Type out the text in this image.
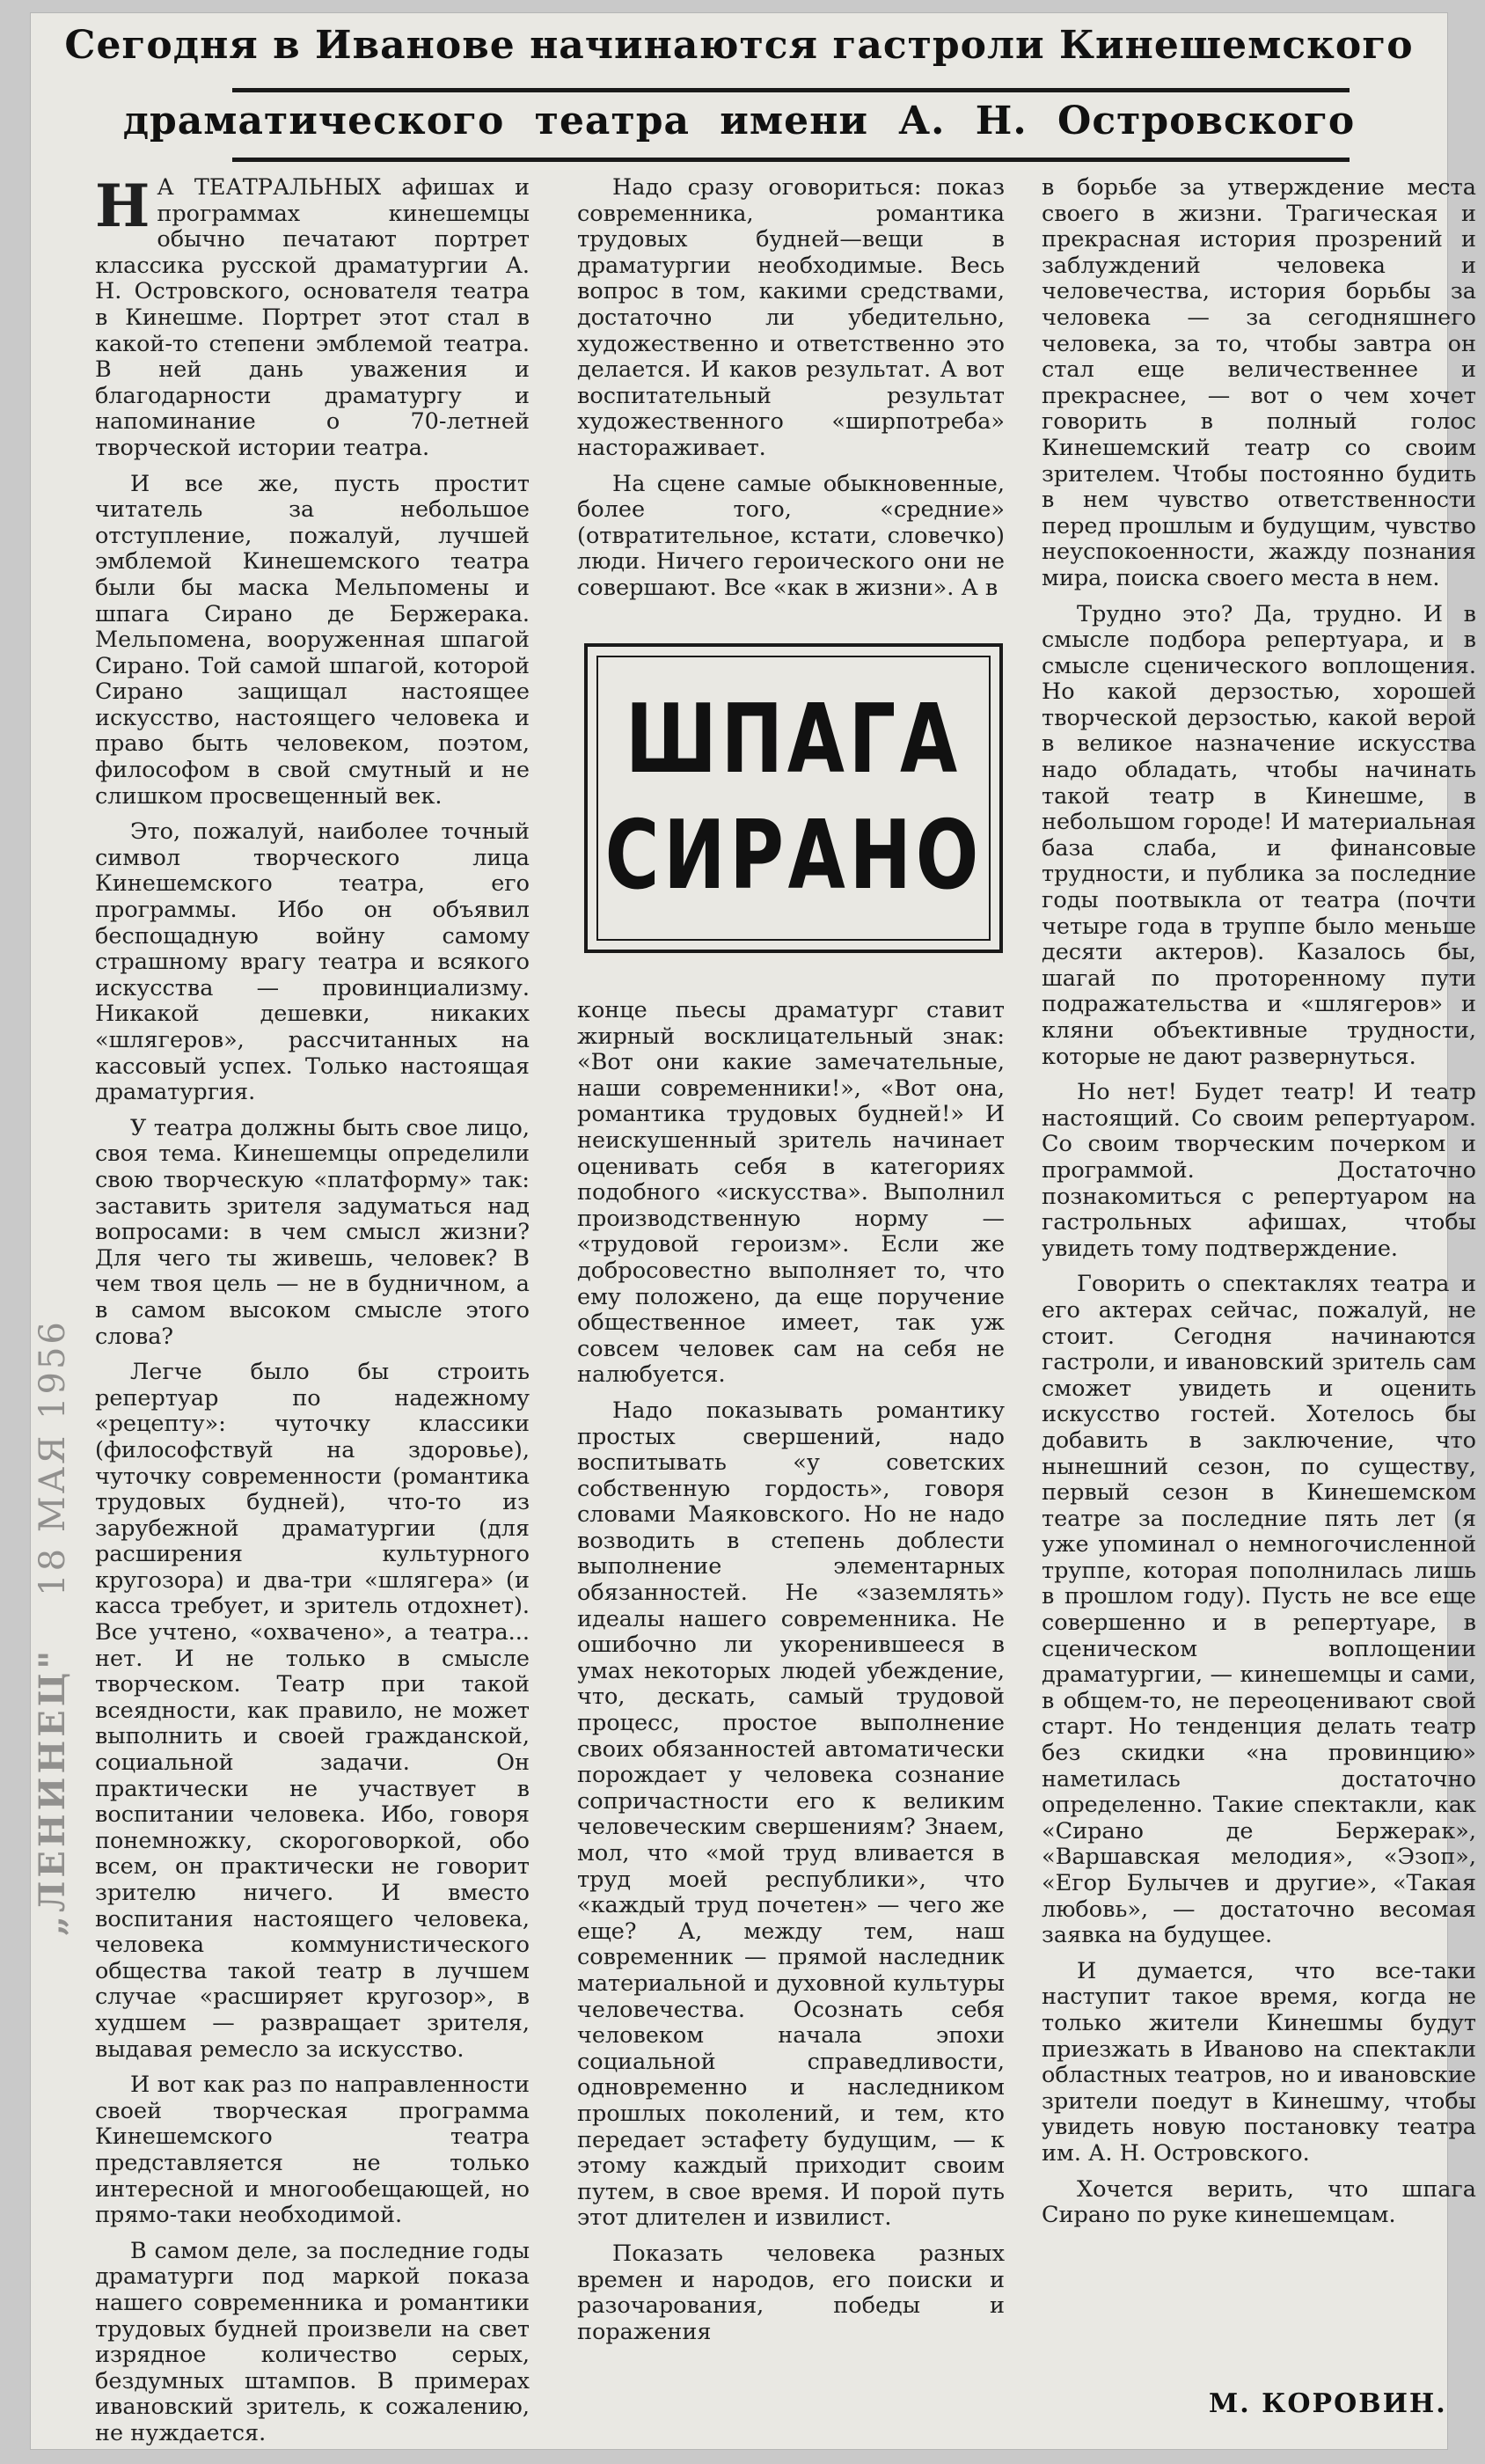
Сегодня в Иванове начинаются гастроли Кинешемского
драматического театра имени А. Н. Островского

Н А ТЕАТРАЛЬНЫХ афишах и программах кинешемцы обычно печатают портрет классика русской драматургии А. Н. Островского, основателя театра в Кинешме. Портрет этот стал в какой-то степени эмблемой театра. В ней дань уважения и благодарности драматургу и напоминание о 70-летней творческой истории театра.

И все же, пусть простит читатель за небольшое отступление, пожалуй, лучшей эмблемой Кинешемского театра были бы маска Мельпомены и шпага Сирано де Бержерака. Мельпомена, вооруженная шпагой Сирано. Той самой шпагой, которой Сирано защищал настоящее искусство, настоящего человека и право быть человеком, поэтом, философом в свой смутный и не слишком просвещенный век.

Это, пожалуй, наиболее точный символ творческого лица Кинешемского театра, его программы. Ибо он объявил беспощадную войну самому страшному врагу театра и всякого искусства — провинциализму. Никакой дешевки, никаких «шлягеров», рассчитанных на кассовый успех. Только настоящая драматургия.

У театра должны быть свое лицо, своя тема. Кинешемцы определили свою творческую «платформу» так: заставить зрителя задуматься над вопросами: в чем смысл жизни? Для чего ты живешь, человек? В чем твоя цель — не в будничном, а в самом высоком смысле этого слова?

Легче было бы строить репертуар по надежному «рецепту»: чуточку классики (философствуй на здоровье), чуточку современности (романтика трудовых будней), что-то из зарубежной драматургии (для расширения культурного кругозора) и два-три «шлягера» (и касса требует, и зритель отдохнет). Все учтено, «охвачено», а театра... нет. И не только в смысле творческом. Театр при такой всеядности, как правило, не может выполнить и своей гражданской, социальной задачи. Он практически не участвует в воспитании человека. Ибо, говоря понемножку, скороговоркой, обо всем, он практически не говорит зрителю ничего. И вместо воспитания настоящего человека, человека коммунистического общества такой театр в лучшем случае «расширяет кругозор», в худшем — развращает зрителя, выдавая ремесло за искусство.

И вот как раз по направленности своей творческая программа Кинешемского театра представляется не только интересной и многообещающей, но прямо-таки необходимой.

В самом деле, за последние годы драматурги под маркой показа нашего современника и романтики трудовых будней произвели на свет изрядное количество серых, бездумных штампов. В примерах ивановский зритель, к сожалению, не нуждается.

Надо сразу оговориться: показ современника, романтика трудовых будней—вещи в драматургии необходимые. Весь вопрос в том, какими средствами, достаточно ли убедительно, художественно и ответственно это делается. И каков результат. А вот воспитательный результат художественного «ширпотреба» настораживает.

На сцене самые обыкновенные, более того, «средние» (отвратительное, кстати, словечко) люди. Ничего героического они не совершают. Все «как в жизни». А в

ШПАГА
СИРАНО

конце пьесы драматург ставит жирный восклицательный знак: «Вот они какие замечательные, наши современники!», «Вот она, романтика трудовых будней!» И неискушенный зритель начинает оценивать себя в категориях подобного «искусства». Выполнил производственную норму — «трудовой героизм». Если же добросовестно выполняет то, что ему положено, да еще поручение общественное имеет, так уж совсем человек сам на себя не налюбуется.

Надо показывать романтику простых свершений, надо воспитывать «у советских собственную гордость», говоря словами Маяковского. Но не надо возводить в степень доблести выполнение элементарных обязанностей. Не «заземлять» идеалы нашего современника. Не ошибочно ли укоренившееся в умах некоторых людей убеждение, что, дескать, самый трудовой процесс, простое выполнение своих обязанностей автоматически порождает у человека сознание сопричастности его к великим человеческим свершениям? Знаем, мол, что «мой труд вливается в труд моей республики», что «каждый труд почетен» — чего же еще? А, между тем, наш современник — прямой наследник материальной и духовной культуры человечества. Осознать себя человеком начала эпохи социальной справедливости, одновременно и наследником прошлых поколений, и тем, кто передает эстафету будущим, — к этому каждый приходит своим путем, в свое время. И порой путь этот длителен и извилист.

Показать человека разных времен и народов, его поиски и разочарования, победы и поражения

в борьбе за утверждение места своего в жизни. Трагическая и прекрасная история прозрений и заблуждений человека и человечества, история борьбы за человека — за сегодняшнего человека, за то, чтобы завтра он стал еще величественнее и прекраснее, — вот о чем хочет говорить в полный голос Кинешемский театр со своим зрителем. Чтобы постоянно будить в нем чувство ответственности перед прошлым и будущим, чувство неуспокоенности, жажду познания мира, поиска своего места в нем.

Трудно это? Да, трудно. И в смысле подбора репертуара, и в смысле сценического воплощения. Но какой дерзостью, хорошей творческой дерзостью, какой верой в великое назначение искусства надо обладать, чтобы начинать такой театр в Кинешме, в небольшом городе! И материальная база слаба, и финансовые трудности, и публика за последние годы поотвыкла от театра (почти четыре года в труппе было меньше десяти актеров). Казалось бы, шагай по проторенному пути подражательства и «шлягеров» и кляни объективные трудности, которые не дают развернуться.

Но нет! Будет театр! И театр настоящий. Со своим репертуаром. Со своим творческим почерком и программой. Достаточно познакомиться с репертуаром на гастрольных афишах, чтобы увидеть тому подтверждение.

Говорить о спектаклях театра и его актерах сейчас, пожалуй, не стоит. Сегодня начинаются гастроли, и ивановский зритель сам сможет увидеть и оценить искусство гостей. Хотелось бы добавить в заключение, что нынешний сезон, по существу, первый сезон в Кинешемском театре за последние пять лет (я уже упоминал о немногочисленной труппе, которая пополнилась лишь в прошлом году). Пусть не все еще совершенно и в репертуаре, в сценическом воплощении драматургии, — кинешемцы и сами, в общем-то, не переоценивают свой старт. Но тенденция делать театр без скидки «на провинцию» наметилась достаточно определенно. Такие спектакли, как «Сирано де Бержерак», «Варшавская мелодия», «Эзоп», «Егор Булычев и другие», «Такая любовь», — достаточно весомая заявка на будущее.

И думается, что все-таки наступит такое время, когда не только жители Кинешмы будут приезжать в Иваново на спектакли областных театров, но и ивановские зрители поедут в Кинешму, чтобы увидеть новую постановку театра им. А. Н. Островского.

Хочется верить, что шпага Сирано по руке кинешемцам.

М. КОРОВИН.
„ЛЕНИНЕЦ" 18 МАЯ 1956
